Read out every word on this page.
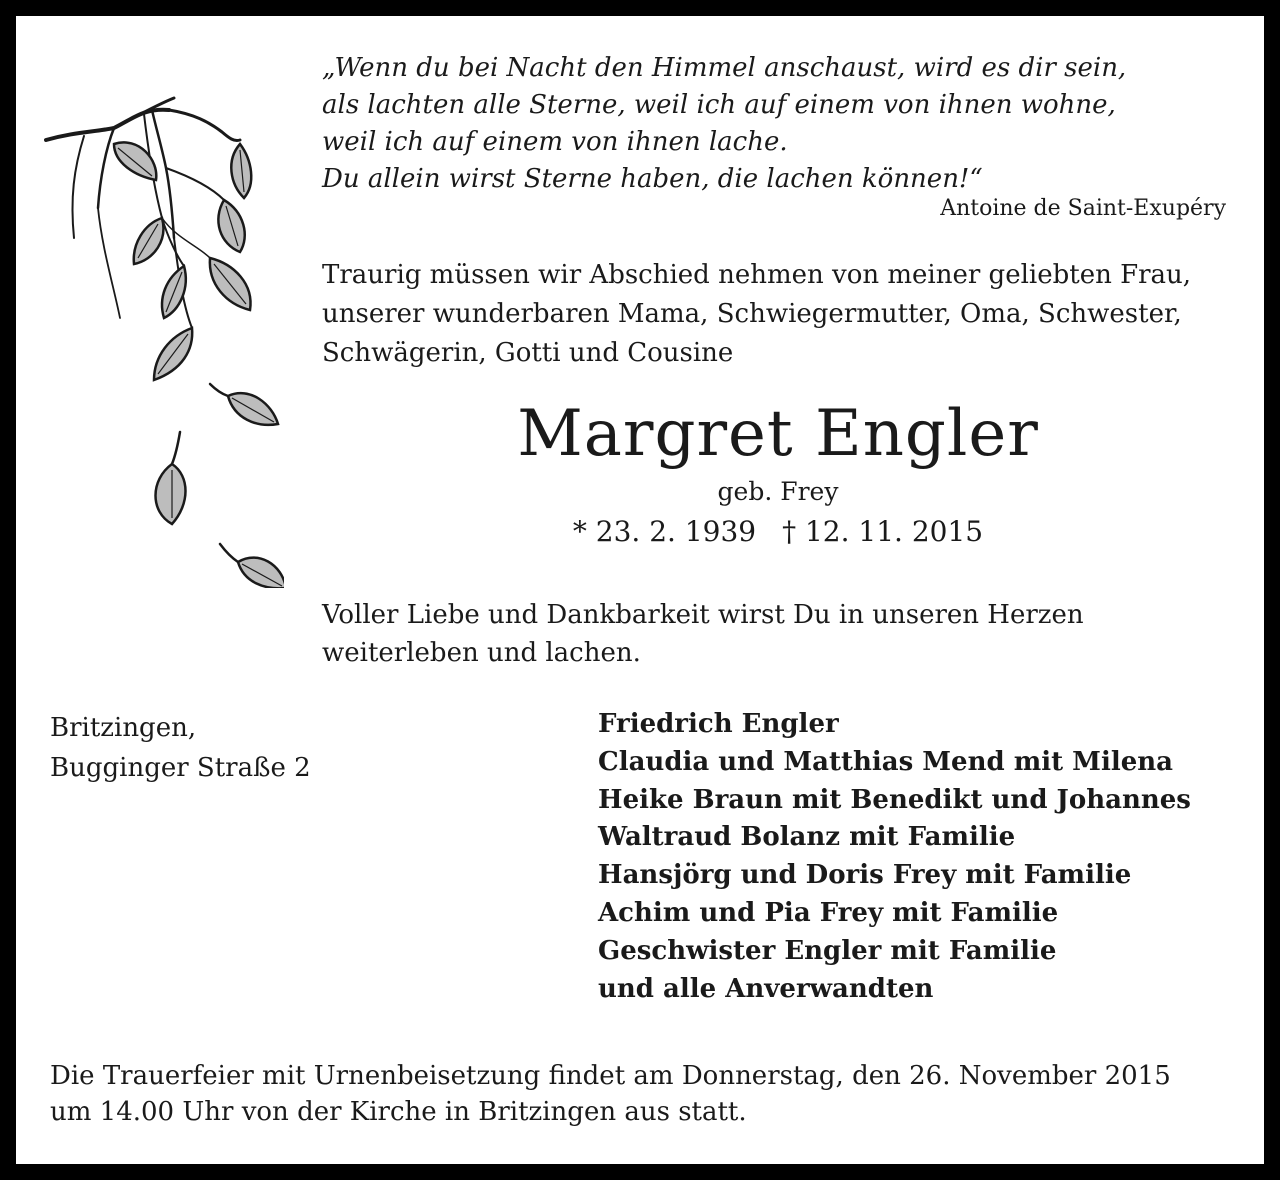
„Wenn du bei Nacht den Himmel anschaust, wird es dir sein,
als lachten alle Sterne, weil ich auf einem von ihnen wohne,
weil ich auf einem von ihnen lache.
Du allein wirst Sterne haben, die lachen können!“
Antoine de Saint-Exupéry
Traurig müssen wir Abschied nehmen von meiner geliebten Frau,
unserer wunderbaren Mama, Schwiegermutter, Oma, Schwester,
Schwägerin, Gotti und Cousine
Margret Engler
geb. Frey
* 23. 2. 1939 † 12. 11. 2015
Voller Liebe und Dankbarkeit wirst Du in unseren Herzen
weiterleben und lachen.
Britzingen,
Bugginger Straße 2
Friedrich Engler
Claudia und Matthias Mend mit Milena
Heike Braun mit Benedikt und Johannes
Waltraud Bolanz mit Familie
Hansjörg und Doris Frey mit Familie
Achim und Pia Frey mit Familie
Geschwister Engler mit Familie
und alle Anverwandten
Die Trauerfeier mit Urnenbeisetzung findet am Donnerstag, den 26. November 2015
um 14.00 Uhr von der Kirche in Britzingen aus statt.
